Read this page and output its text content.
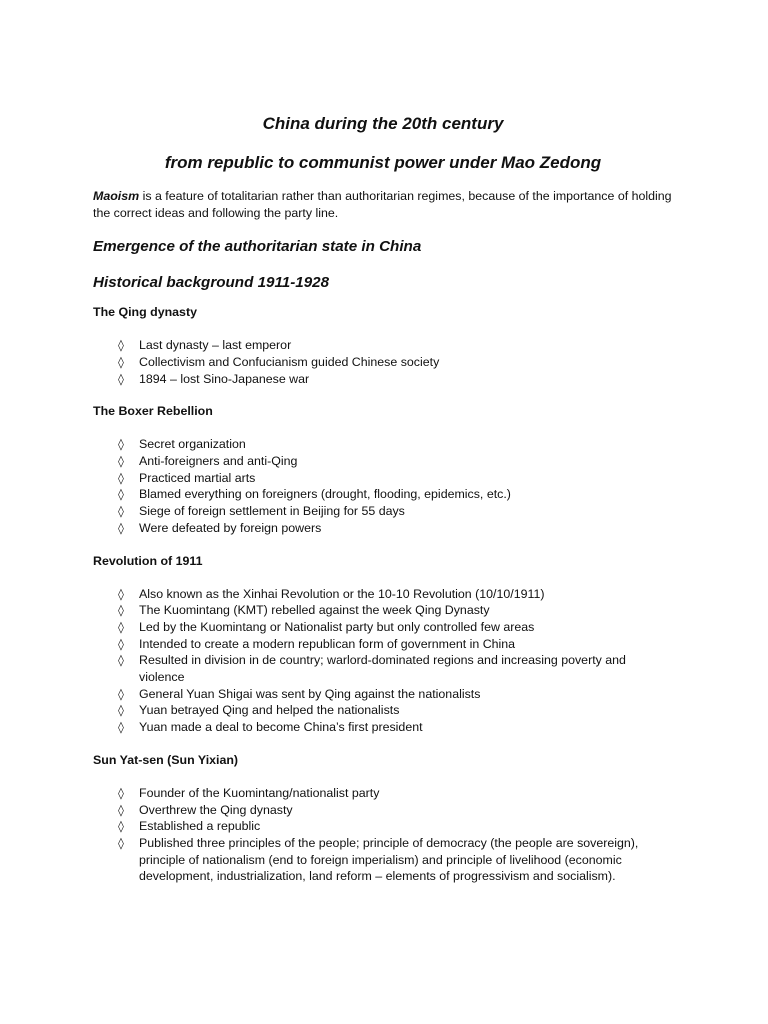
China during the 20th century
from republic to communist power under Mao Zedong

Maoism is a feature of totalitarian rather than authoritarian regimes, because of the importance of holding the correct ideas and following the party line.

Emergence of the authoritarian state in China
Historical background 1911-1928
The Qing dynasty
◊	Last dynasty – last emperor
◊	Collectivism and Confucianism guided Chinese society
◊	1894 – lost Sino-Japanese war
The Boxer Rebellion
◊	Secret organization
◊	Anti-foreigners and anti-Qing
◊	Practiced martial arts
◊	Blamed everything on foreigners (drought, flooding, epidemics, etc.)
◊	Siege of foreign settlement in Beijing for 55 days
◊	Were defeated by foreign powers
Revolution of 1911
◊	Also known as the Xinhai Revolution or the 10-10 Revolution (10/10/1911)
◊	The Kuomintang (KMT) rebelled against the week Qing Dynasty
◊	Led by the Kuomintang or Nationalist party but only controlled few areas
◊	Intended to create a modern republican form of government in China
◊	Resulted in division in de country; warlord-dominated regions and increasing poverty and violence
◊	General Yuan Shigai was sent by Qing against the nationalists
◊	Yuan betrayed Qing and helped the nationalists
◊	Yuan made a deal to become China’s first president
Sun Yat-sen (Sun Yixian)
◊	Founder of the Kuomintang/nationalist party
◊	Overthrew the Qing dynasty
◊	Established a republic
◊	Published three principles of the people; principle of democracy (the people are sovereign), principle of nationalism (end to foreign imperialism) and principle of livelihood (economic development, industrialization, land reform – elements of progressivism and socialism).
